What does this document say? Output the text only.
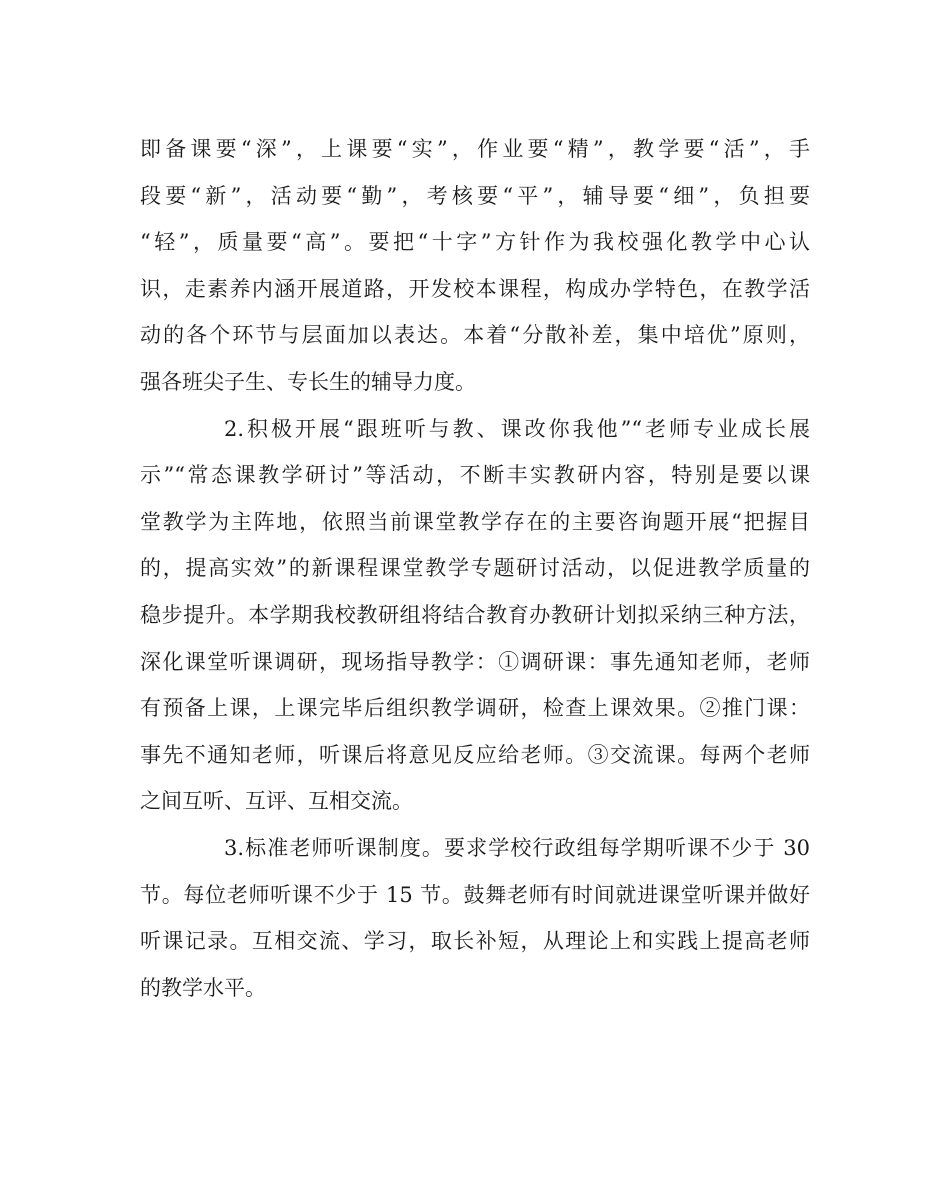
即备课要“深”，上课要“实”，作业要“精”，教学要“活”，手
段要“新”，活动要“勤”，考核要“平”，辅导要“细”，负担要
“轻”，质量要“高”。要把“十字”方针作为我校强化教学中心认
识，走素养内涵开展道路，开发校本课程，构成办学特色，在教学活
动的各个环节与层面加以表达。本着“分散补差，集中培优”原则，
强各班尖子生、专长生的辅导力度。
2.积极开展“跟班听与教、课改你我他”“老师专业成长展
示”“常态课教学研讨”等活动，不断丰实教研内容，特别是要以课
堂教学为主阵地，依照当前课堂教学存在的主要咨询题开展“把握目
的，提高实效”的新课程课堂教学专题研讨活动，以促进教学质量的
稳步提升。本学期我校教研组将结合教育办教研计划拟采纳三种方法，
深化课堂听课调研，现场指导教学：①调研课：事先通知老师，老师
有预备上课，上课完毕后组织教学调研，检查上课效果。②推门课：
事先不通知老师，听课后将意见反应给老师。③交流课。每两个老师
之间互听、互评、互相交流。
3.标准老师听课制度。要求学校行政组每学期听课不少于 30
节。每位老师听课不少于 15 节。鼓舞老师有时间就进课堂听课并做好
听课记录。互相交流、学习，取长补短，从理论上和实践上提高老师
的教学水平。
